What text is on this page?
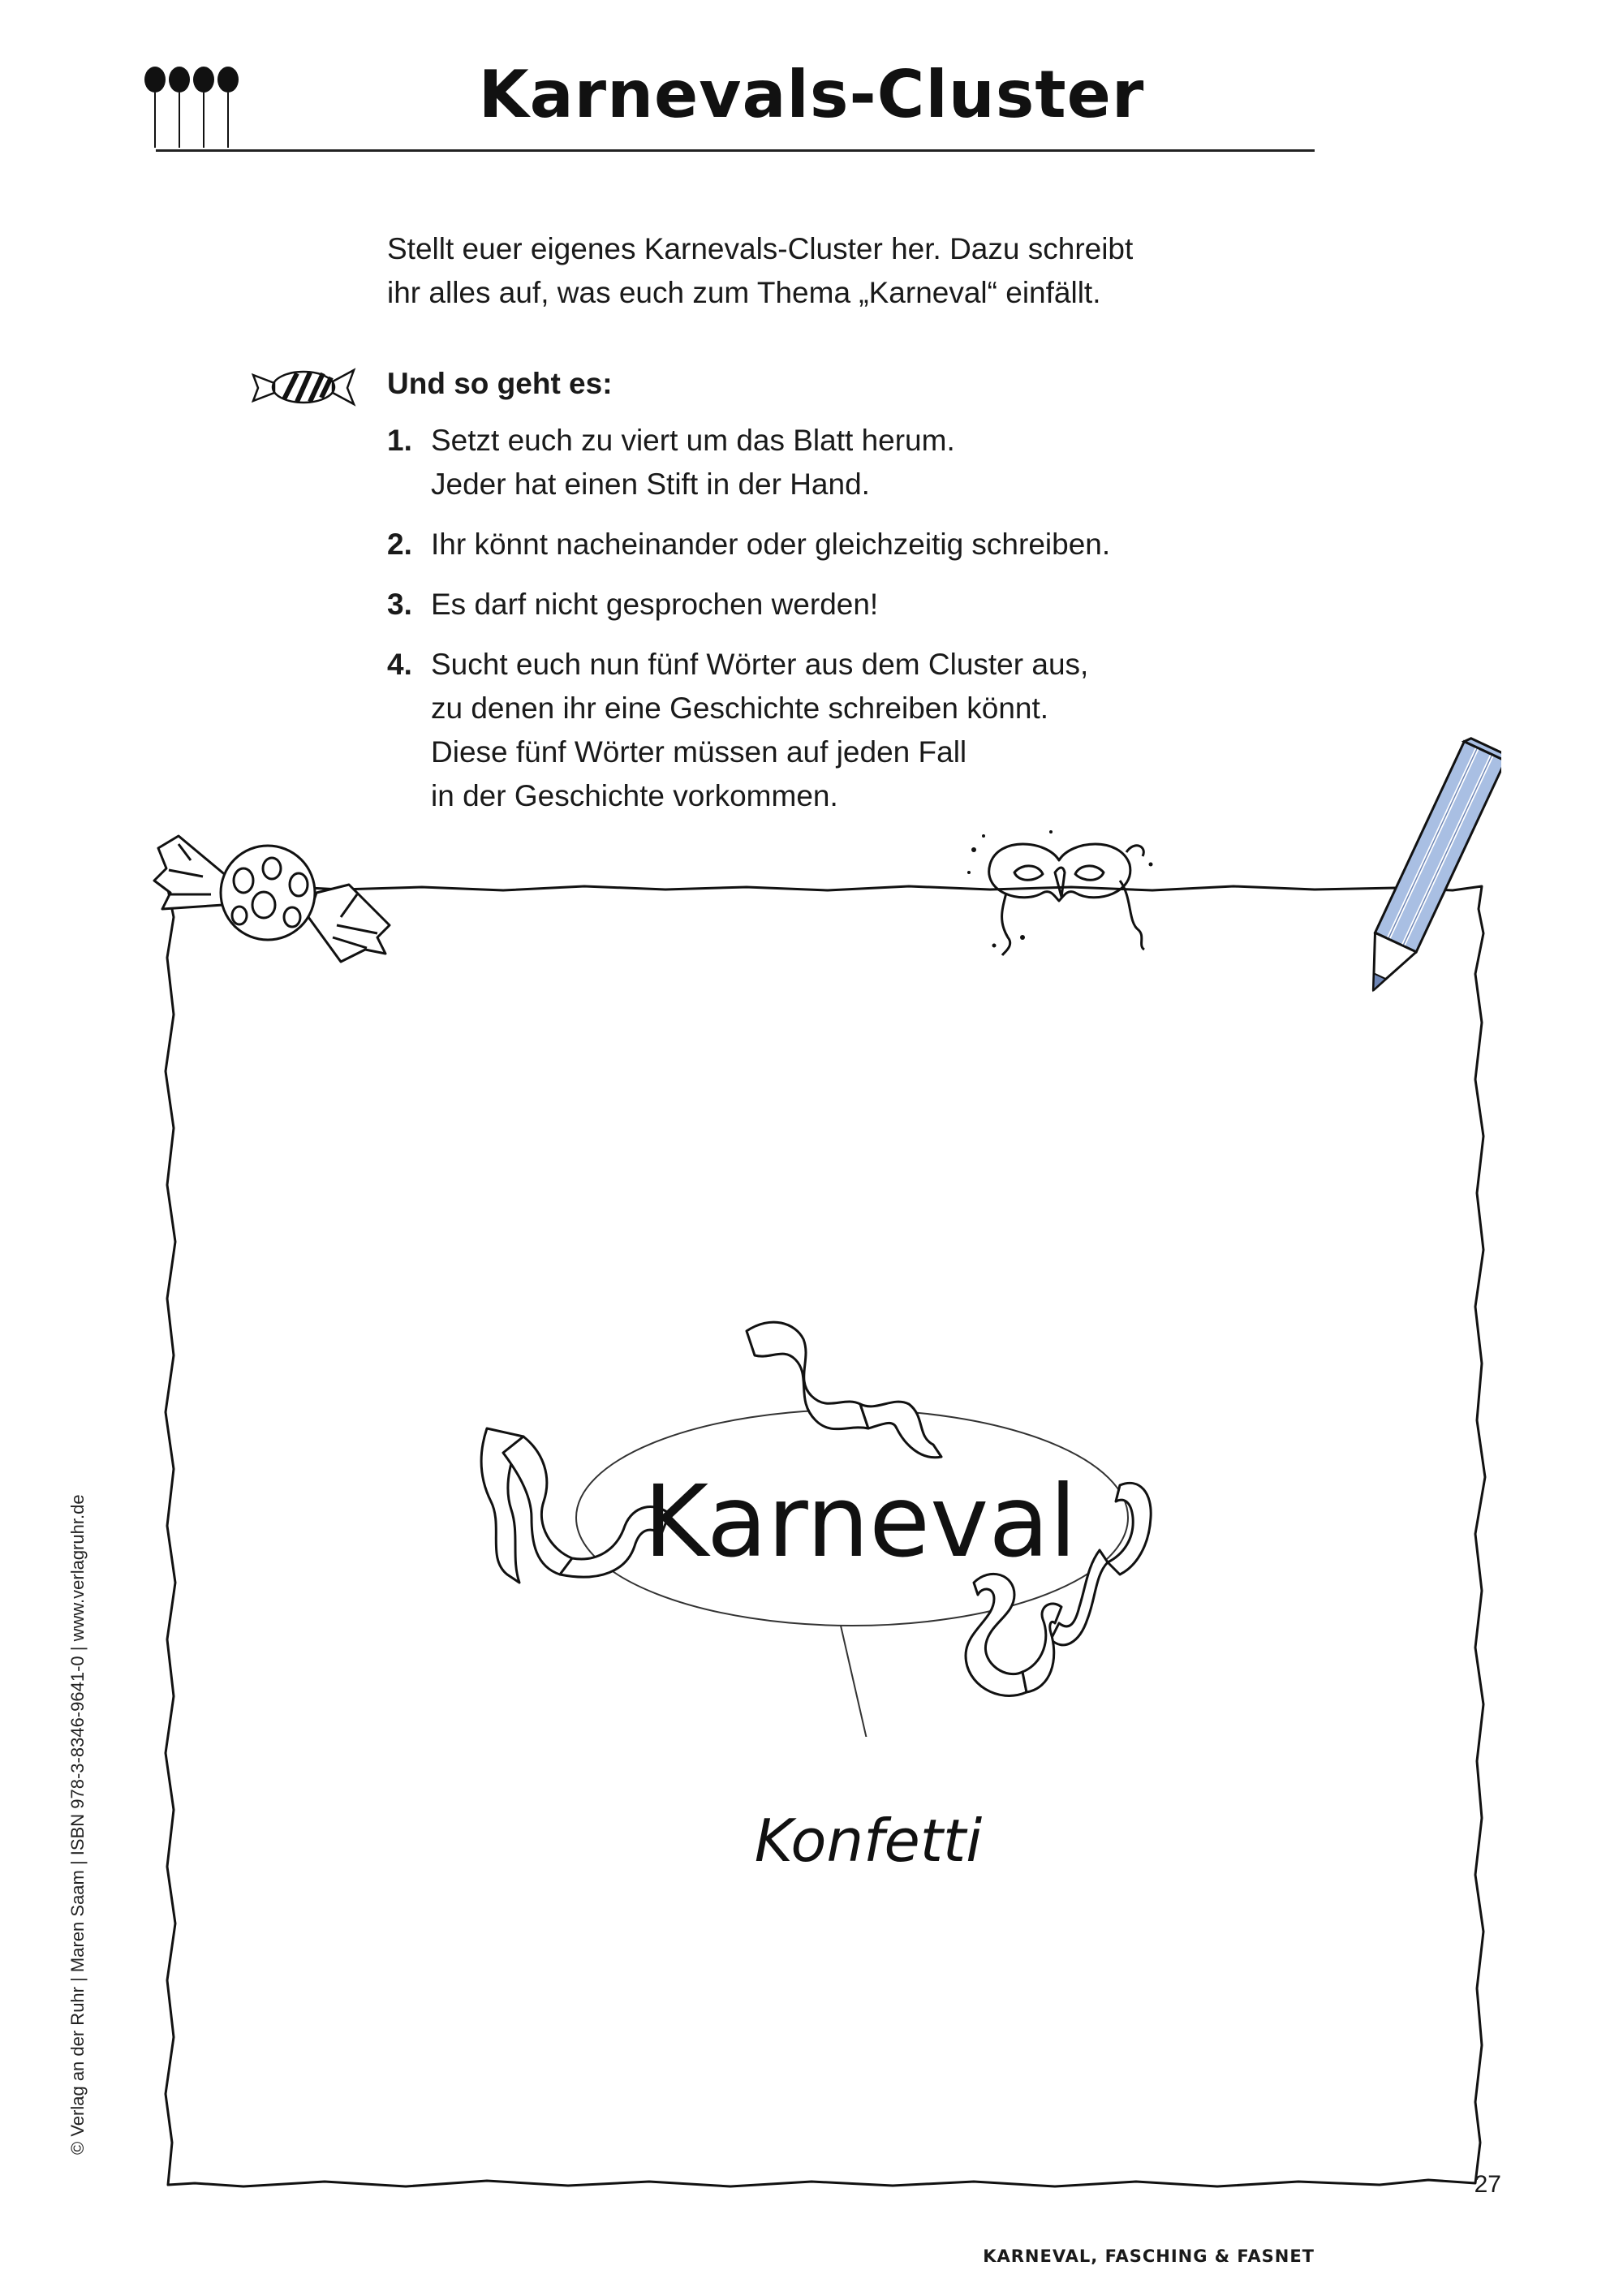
Karnevals-Cluster

Stellt euer eigenes Karnevals-Cluster her. Dazu schreibt

ihr alles auf, was euch zum Thema „Karneval“ einfällt.

Und so geht es:
1. Setzt euch zu viert um das Blatt herum.
Jeder hat einen Stift in der Hand.
2. Ihr könnt nacheinander oder gleichzeitig schreiben.
3. Es darf nicht gesprochen werden!
4. Sucht euch nun fünf Wörter aus dem Cluster aus,
zu denen ihr eine Geschichte schreiben könnt.
Diese fünf Wörter müssen auf jeden Fall
in der Geschichte vorkommen.
Karneval
Konfetti
© Verlag an der Ruhr | Maren Saam | ISBN 978-3-8346-9641-0 | www.verlagruhr.de
27
KARNEVAL, FASCHING & FASNET
